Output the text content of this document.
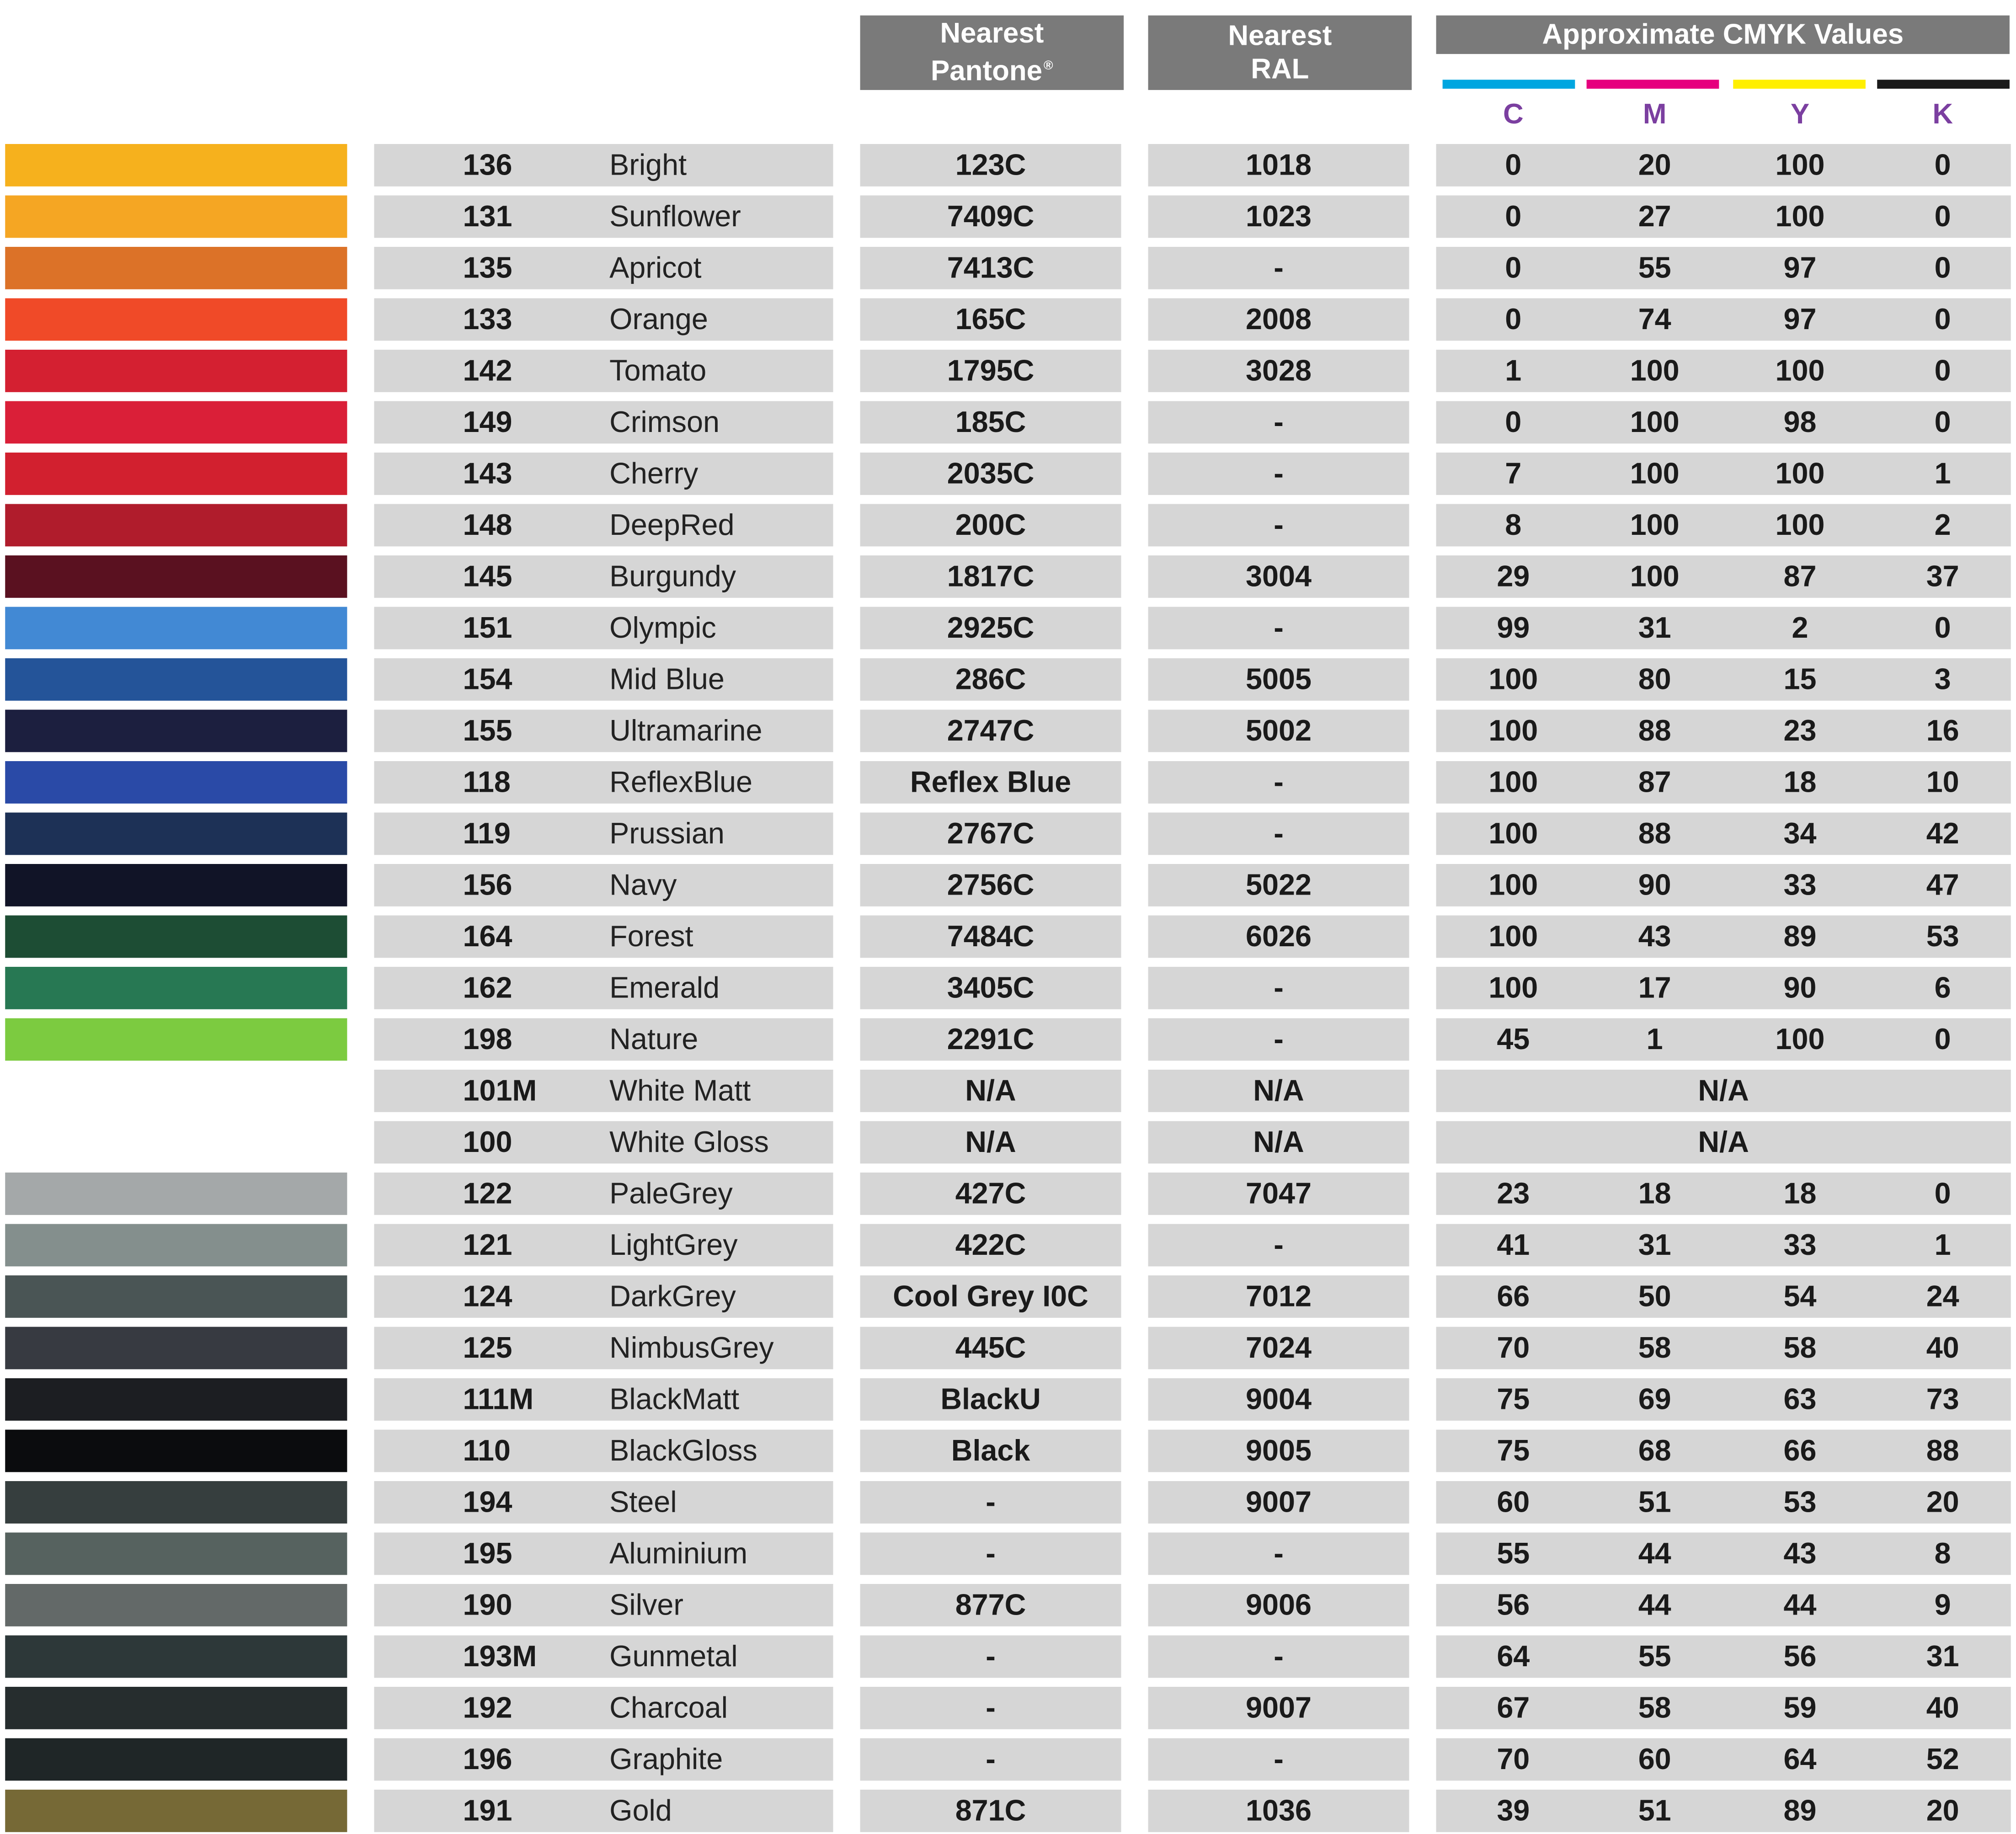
Nearest
Pantone ®
Nearest
RAL
Approximate CMYK Values
C	M	Y	K
136	Bright	123C	1018	0	20	100	0
131	Sunflower	7409C	1023	0	27	100	0
135	Apricot	7413C	-	0	55	97	0
133	Orange	165C	2008	0	74	97	0
142	Tomato	1795C	3028	1	100	100	0
149	Crimson	185C	-	0	100	98	0
143	Cherry	2035C	-	7	100	100	1
148	DeepRed	200C	-	8	100	100	2
145	Burgundy	1817C	3004	29	100	87	37
151	Olympic	2925C	-	99	31	2	0
154	Mid Blue	286C	5005	100	80	15	3
155	Ultramarine	2747C	5002	100	88	23	16
118	ReflexBlue	Reflex Blue	-	100	87	18	10
119	Prussian	2767C	-	100	88	34	42
156	Navy	2756C	5022	100	90	33	47
164	Forest	7484C	6026	100	43	89	53
162	Emerald	3405C	-	100	17	90	6
198	Nature	2291C	-	45	1	100	0
101M	White Matt	N/A	N/A	N/A
100	White Gloss	N/A	N/A	N/A
122	PaleGrey	427C	7047	23	18	18	0
121	LightGrey	422C	-	41	31	33	1
124	DarkGrey	Cool Grey I0C	7012	66	50	54	24
125	NimbusGrey	445C	7024	70	58	58	40
111M	BlackMatt	BlackU	9004	75	69	63	73
110	BlackGloss	Black	9005	75	68	66	88
194	Steel	-	9007	60	51	53	20
195	Aluminium	-	-	55	44	43	8
190	Silver	877C	9006	56	44	44	9
193M	Gunmetal	-	-	64	55	56	31
192	Charcoal	-	9007	67	58	59	40
196	Graphite	-	-	70	60	64	52
191	Gold	871C	1036	39	51	89	20
